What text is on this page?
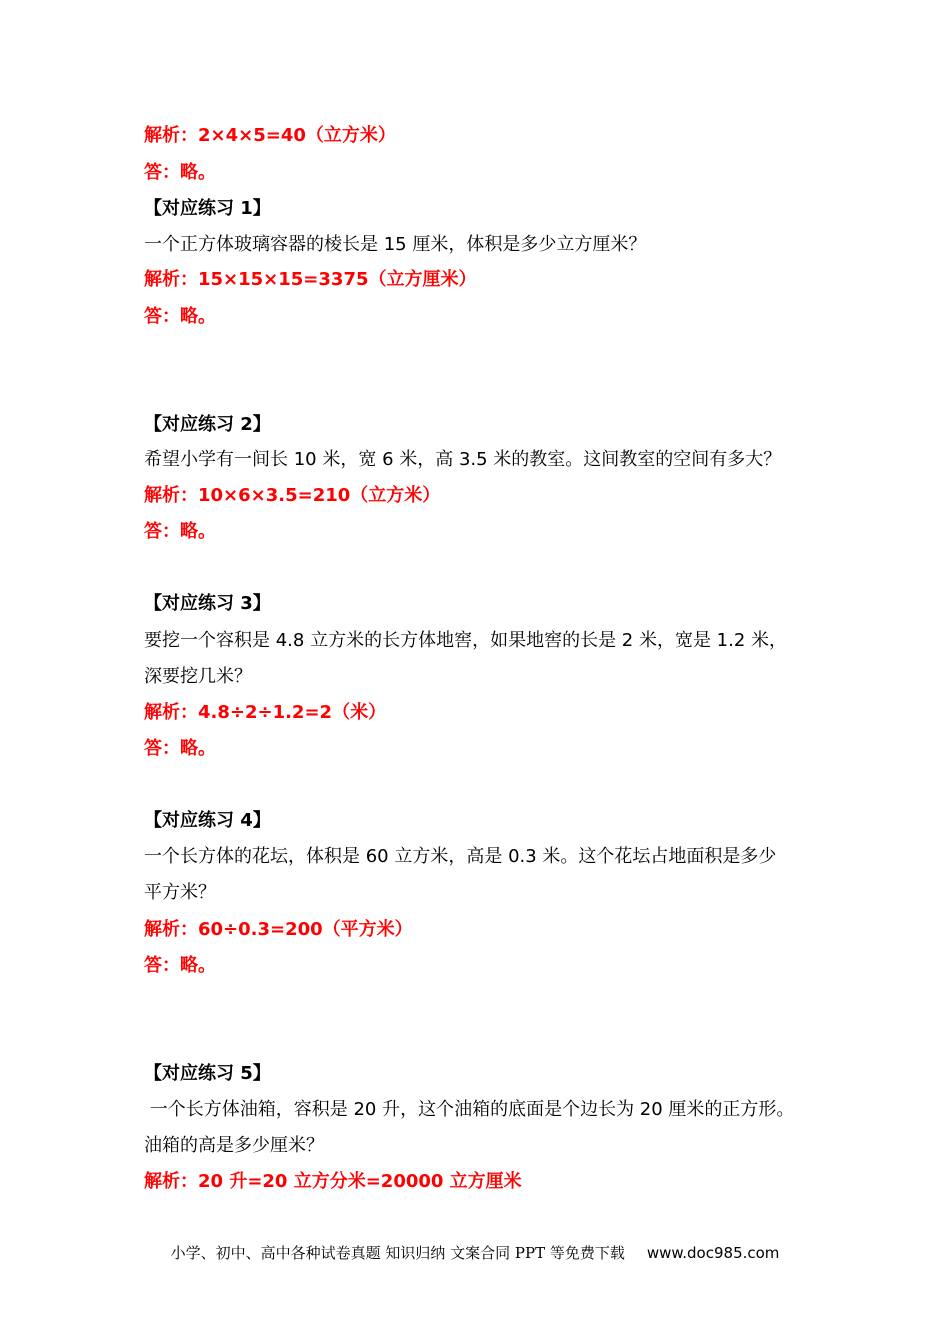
解析：2×4×5=40（立方米）
答：略。
【对应练习 1】
一个正方体玻璃容器的棱长是 15 厘米，体积是多少立方厘米？
解析：15×15×15=3375（立方厘米）
答：略。
【对应练习 2】
希望小学有一间长 10 米，宽 6 米，高 3.5 米的教室。这间教室的空间有多大？
解析：10×6×3.5=210（立方米）
答：略。
【对应练习 3】
要挖一个容积是 4.8 立方米的长方体地窖，如果地窖的长是 2 米，宽是 1.2 米，
深要挖几米？
解析：4.8÷2÷1.2=2（米）
答：略。
【对应练习 4】
一个长方体的花坛，体积是 60 立方米，高是 0.3 米。这个花坛占地面积是多少
平方米？
解析：60÷0.3=200（平方米）
答：略。
【对应练习 5】
一个长方体油箱，容积是 20 升，这个油箱的底面是个边长为 20 厘米的正方形。
油箱的高是多少厘米？
解析：20 升=20 立方分米=20000 立方厘米
小学、初中、高中各种试卷真题 知识归纳 文案合同 PPT 等免费下载 www.doc985.com
